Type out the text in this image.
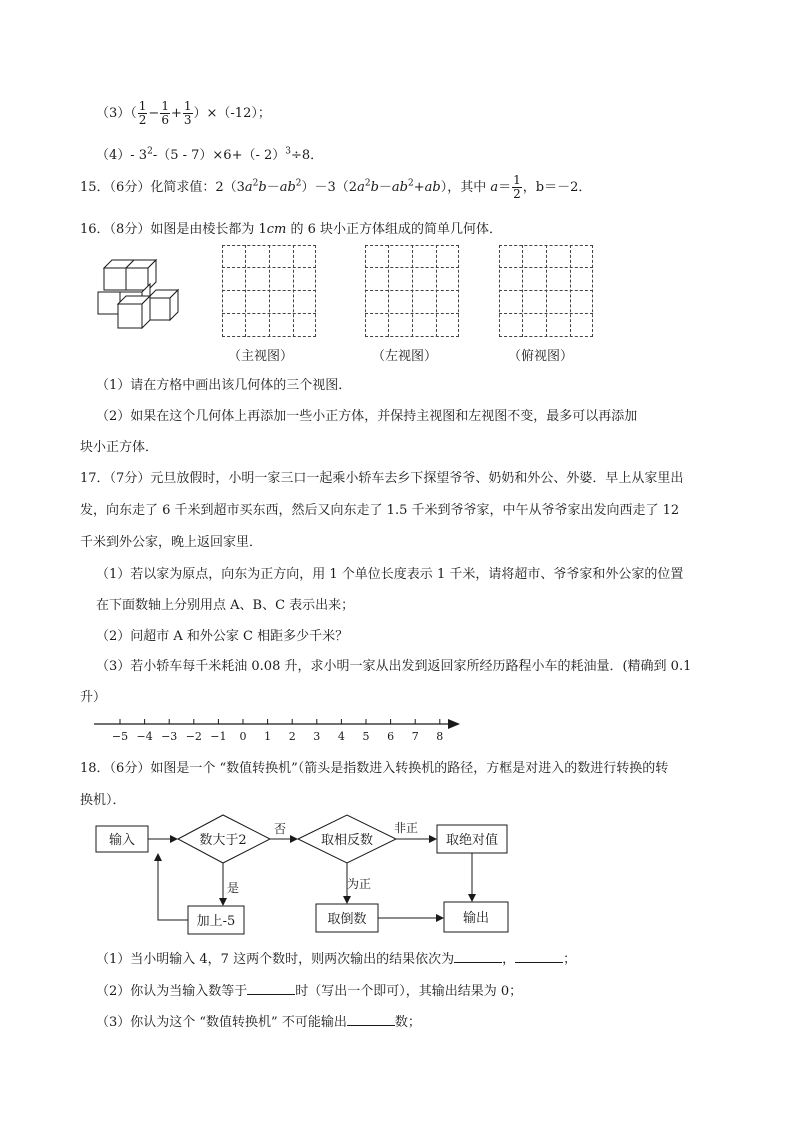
$(3)( \frac{1}{2} - \frac{1}{6} + \frac{1}{3} )\times(-12)$；
（4）- $3^2-(5 - 7)\times 6+(-$ 2）$^3$÷8．
15．（6分）化简求值：$2(3a^2b-ab^2)-3(2a^2b-ab^2+ab)$，其中 $a= \frac{1}{2}$ ，b＝－2．
16．（8分）如图是由棱长都为 1cm 的 6 块小正方体组成的简单几何体．
（主视图）	（左视图）	（俯视图）
（1）请在方格中画出该几何体的三个视图．
（2）如果在这个几何体上再添加一些小正方体，并保持主视图和左视图不变，最多可以再添加
块小正方体．
17．（7分）元旦放假时，小明一家三口一起乘小轿车去乡下探望爷爷、奶奶和外公、外婆．早上从家里出
发，向东走了 6 千米到超市买东西，然后又向东走了 1.5 千米到爷爷家，中午从爷爷家出发向西走了 12
千米到外公家，晚上返回家里．
（1）若以家为原点，向东为正方向，用 1 个单位长度表示 1 千米，请将超市、爷爷家和外公家的位置
在下面数轴上分别用点 A、B、C 表示出来；
（2）问超市 A 和外公家 C 相距多少千米？
（3）若小轿车每千米耗油 0.08 升，求小明一家从出发到返回家所经历路程小车的耗油量．(精确到 0.1
升）
−5 −4 −3 −2 −1 0 1 2 3 4 5 6 7 8
18．（6分）如图是一个 “数值转换机”（箭头是指数进入转换机的路径，方框是对进入的数进行转换的转
换机）．
输入	数大于2	取相反数	取绝对值
加上-5	取倒数	输出
否	非正
是	为正
（1）当小明输入 4，7 这两个数时，则两次输出的结果依次为	，	；
（2）你认为当输入数等于	时（写出一个即可），其输出结果为 0；
（3）你认为这个 “数值转换机” 不可能输出	数；
